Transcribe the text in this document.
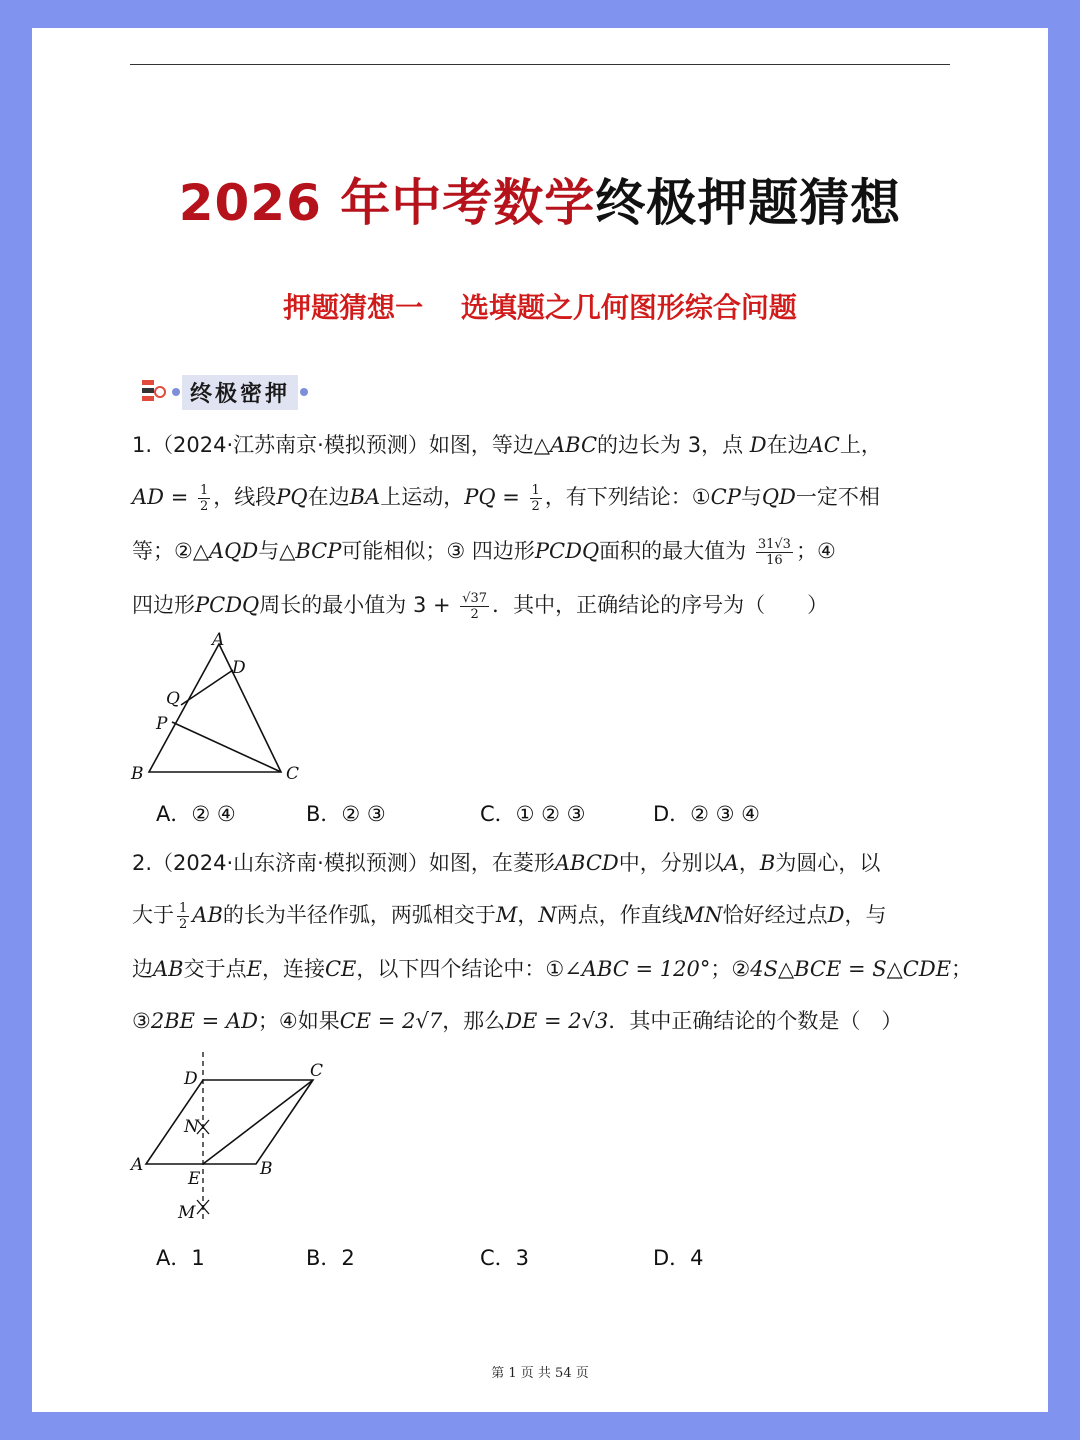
2026 年中考数学终极押题猜想
押题猜想一　 选填题之几何图形综合问题
终极密押
1.（2024·江苏南京·模拟预测）如图，等边△ABC的边长为 3，点 D在边AC上，
AD = $\frac{1}{2}$ ，线段PQ在边BA上运动，PQ = $\frac{1}{2}$ ，有下列结论：①CP与QD一定不相
等；②△AQD与△BCP可能相似；③ 四边形PCDQ面积的最大值为 $\frac{31√3}{16}$ ；④
四边形PCDQ周长的最小值为 $3 + \frac{√37}{2}$ ．其中，正确结论的序号为（　　）
A
D
Q
P
B	C
A．② ④	B．② ③	C．① ② ③	D．② ③ ④
2.（2024·山东济南·模拟预测）如图，在菱形ABCD中，分别以A，B为圆心，以
大于 $\frac{1}{2}$ AB的长为半径作弧，两弧相交于M，N两点，作直线MN恰好经过点D，与
边AB交于点E，连接CE，以下四个结论中：①∠ABC = 120°；②4S△BCE = S△CDE；
③2BE = AD；④如果CE = 2√7，那么DE = 2√3．其中正确结论的个数是（　）
D	C
N
A
E	B
M
A．1	B．2	C．3	D．4
第 1 页 共 54 页
